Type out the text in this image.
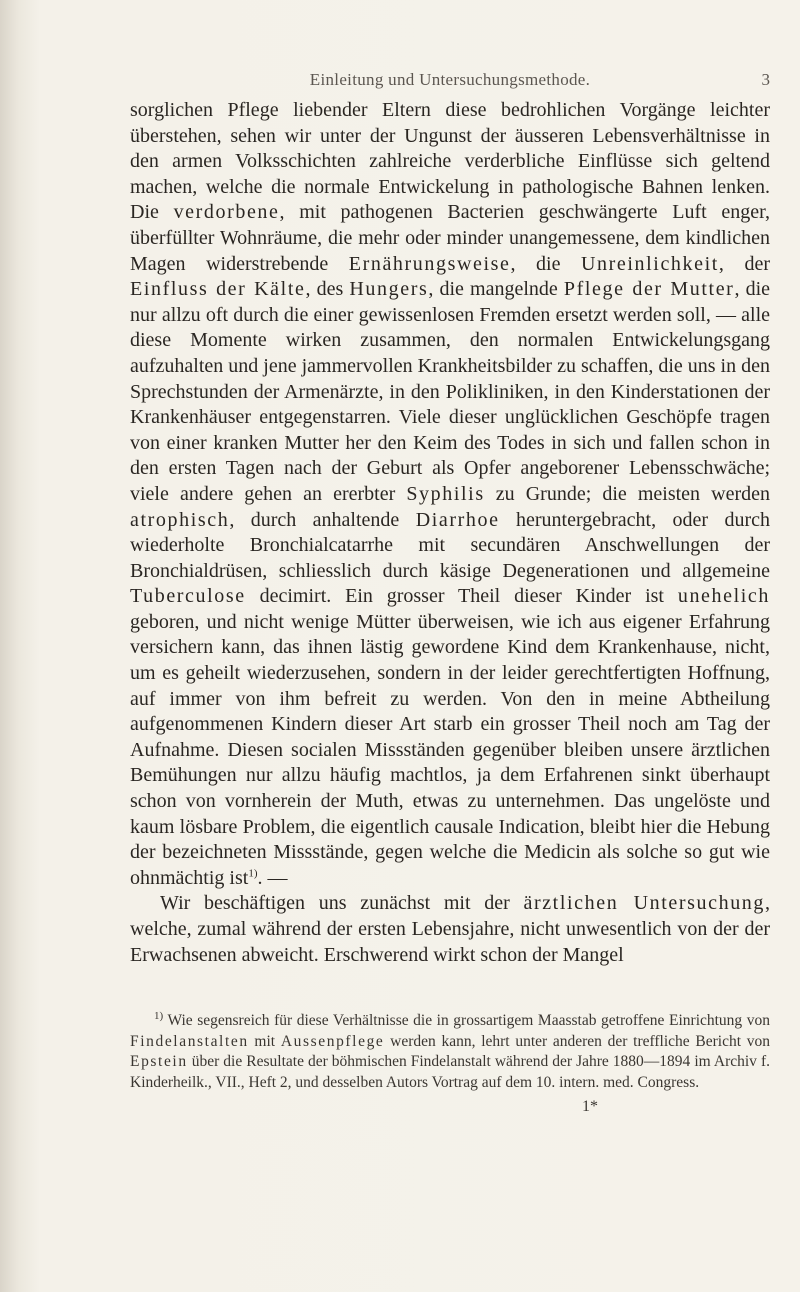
Einleitung und Untersuchungsmethode.	3

sorglichen Pflege liebender Eltern diese bedrohlichen Vorgänge leichter überstehen, sehen wir unter der Ungunst der äusseren Lebensverhältnisse in den armen Volksschichten zahlreiche verderbliche Einflüsse sich geltend machen, welche die normale Entwickelung in pathologische Bahnen lenken. Die verdorbene, mit pathogenen Bacterien geschwängerte Luft enger, überfüllter Wohnräume, die mehr oder minder unangemessene, dem kindlichen Magen widerstrebende Ernährungsweise, die Unreinlichkeit, der Einfluss der Kälte, des Hungers, die mangelnde Pflege der Mutter, die nur allzu oft durch die einer gewissenlosen Fremden ersetzt werden soll, — alle diese Momente wirken zusammen, den normalen Entwickelungsgang aufzuhalten und jene jammervollen Krankheitsbilder zu schaffen, die uns in den Sprechstunden der Armenärzte, in den Polikliniken, in den Kinderstationen der Krankenhäuser entgegenstarren. Viele dieser unglücklichen Geschöpfe tragen von einer kranken Mutter her den Keim des Todes in sich und fallen schon in den ersten Tagen nach der Geburt als Opfer angeborener Lebensschwäche; viele andere gehen an ererbter Syphilis zu Grunde; die meisten werden atrophisch, durch anhaltende Diarrhoe heruntergebracht, oder durch wiederholte Bronchialcatarrhe mit secundären Anschwellungen der Bronchialdrüsen, schliesslich durch käsige Degenerationen und allgemeine Tuberculose decimirt. Ein grosser Theil dieser Kinder ist unehelich geboren, und nicht wenige Mütter überweisen, wie ich aus eigener Erfahrung versichern kann, das ihnen lästig gewordene Kind dem Krankenhause, nicht, um es geheilt wiederzusehen, sondern in der leider gerechtfertigten Hoffnung, auf immer von ihm befreit zu werden. Von den in meine Abtheilung aufgenommenen Kindern dieser Art starb ein grosser Theil noch am Tag der Aufnahme. Diesen socialen Missständen gegenüber bleiben unsere ärztlichen Bemühungen nur allzu häufig machtlos, ja dem Erfahrenen sinkt überhaupt schon von vornherein der Muth, etwas zu unternehmen. Das ungelöste und kaum lösbare Problem, die eigentlich causale Indication, bleibt hier die Hebung der bezeichneten Missstände, gegen welche die Medicin als solche so gut wie ohnmächtig ist$^{1)}$. —

Wir beschäftigen uns zunächst mit der ärztlichen Untersuchung, welche, zumal während der ersten Lebensjahre, nicht unwesentlich von der der Erwachsenen abweicht. Erschwerend wirkt schon der Mangel

$^{1)}$ Wie segensreich für diese Verhältnisse die in grossartigem Maasstab getroffene Einrichtung von Findelanstalten mit Aussenpflege werden kann, lehrt unter anderen der treffliche Bericht von Epstein über die Resultate der böhmischen Findelanstalt während der Jahre 1880—1894 im Archiv f. Kinderheilk., VII., Heft 2, und desselben Autors Vortrag auf dem 10. intern. med. Congress.

1*
